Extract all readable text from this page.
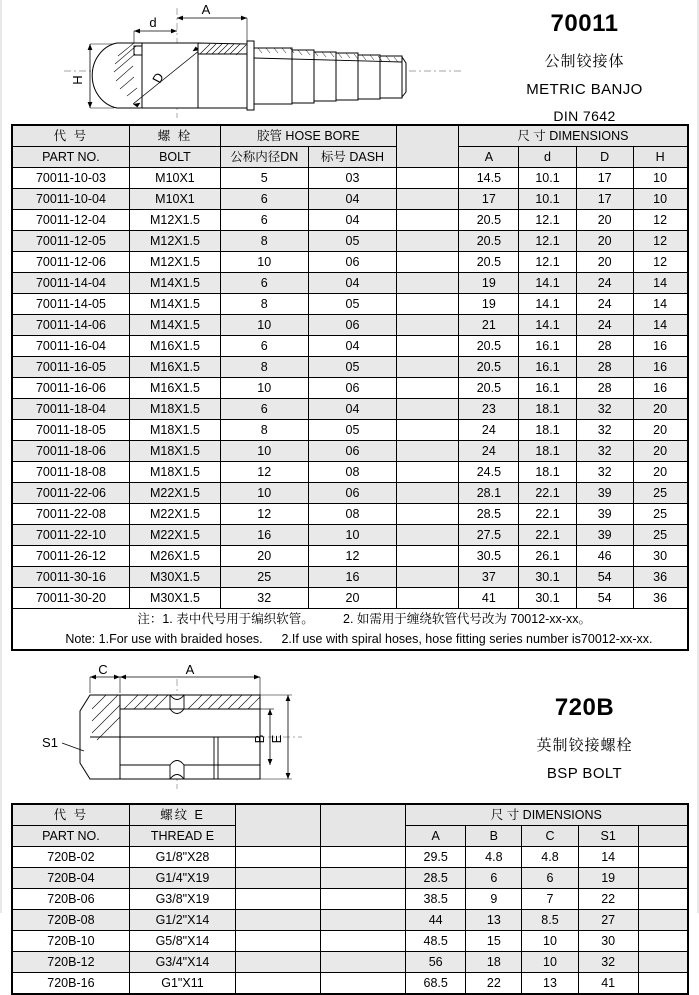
A
d
H	D
70011
公制铰接体
METRIC BANJO
DIN 7642
代 号	螺 栓	胶管 HOSE BORE			尺 寸 DIMENSIONS			
PART NO.	BOLT	公称内径DN	标号 DASH		A	d	D	H
70011-10-03	M10X1	5	03		14.5	10.1	17	10
70011-10-04	M10X1	6	04		17	10.1	17	10
70011-12-04	M12X1.5	6	04		20.5	12.1	20	12
70011-12-05	M12X1.5	8	05		20.5	12.1	20	12
70011-12-06	M12X1.5	10	06		20.5	12.1	20	12
70011-14-04	M14X1.5	6	04		19	14.1	24	14
70011-14-05	M14X1.5	8	05		19	14.1	24	14
70011-14-06	M14X1.5	10	06		21	14.1	24	14
70011-16-04	M16X1.5	6	04		20.5	16.1	28	16
70011-16-05	M16X1.5	8	05		20.5	16.1	28	16
70011-16-06	M16X1.5	10	06		20.5	16.1	28	16
70011-18-04	M18X1.5	6	04		23	18.1	32	20
70011-18-05	M18X1.5	8	05		24	18.1	32	20
70011-18-06	M18X1.5	10	06		24	18.1	32	20
70011-18-08	M18X1.5	12	08		24.5	18.1	32	20
70011-22-06	M22X1.5	10	06		28.1	22.1	39	25
70011-22-08	M22X1.5	12	08		28.5	22.1	39	25
70011-22-10	M22X1.5	16	10		27.5	22.1	39	25
70011-26-12	M26X1.5	20	12		30.5	26.1	46	30
70011-30-16	M30X1.5	25	16		37	30.1	54	36
70011-30-20	M30X1.5	32	20		41	30.1	54	36

注：1. 表中代号用于编织软管。 2. 如需用于缠绕软管代号改为 70012-xx-xx。
Note: 1.For use with braided hoses. 2.If use with spiral hoses, hose fitting series number is70012-xx-xx.								
C	A
S1	B E
720B
英制铰接螺栓
BSP BOLT
代 号	螺纹 E			尺 寸 DIMENSIONS				
PART NO.	THREAD E			A	B	C	S1	
720B-02	G1/8"X28			29.5	4.8	4.8	14	
720B-04	G1/4"X19			28.5	6	6	19	
720B-06	G3/8"X19			38.5	9	7	22	
720B-08	G1/2"X14			44	13	8.5	27	
720B-10	G5/8"X14			48.5	15	10	30	
720B-12	G3/4"X14			56	18	10	32	
720B-16	G1"X11			68.5	22	13	41	
